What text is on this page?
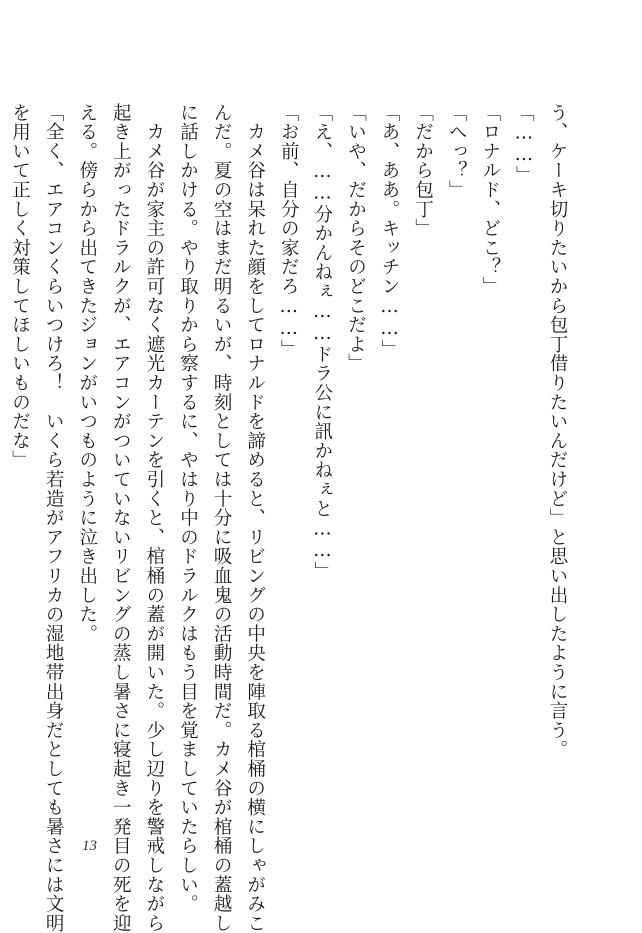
う、ケーキ切りたいから包丁借りたいんだけど」と思い出したように言う。
「……」
「ロナルド、どこ？」
「へっ？」
「だから包丁」
「あ、ああ。キッチン……」
「いや、だからそのどこだよ」
「え、……分かんねぇ……ドラ公に訊かねぇと……」
「お前、自分の家だろ……」
　カメ谷は呆れた顔をしてロナルドを諦めると、リビングの中央を陣取る棺桶の横にしゃがみこ
んだ。夏の空はまだ明るいが、時刻としては十分に吸血鬼の活動時間だ。カメ谷が棺桶の蓋越し
に話しかける。やり取りから察するに、やはり中のドラルクはもう目を覚ましていたらしい。
　カメ谷が家主の許可なく遮光カーテンを引くと、棺桶の蓋が開いた。少し辺りを警戒しながら
起き上がったドラルクが、エアコンがついていないリビングの蒸し暑さに寝起き一発目の死を迎
える。傍らから出てきたジョンがいつものように泣き出した。
「全く、エアコンくらいつけろ！　いくら若造がアフリカの湿地帯出身だとしても暑さには文明
を用いて正しく対策してほしいものだな」
13
